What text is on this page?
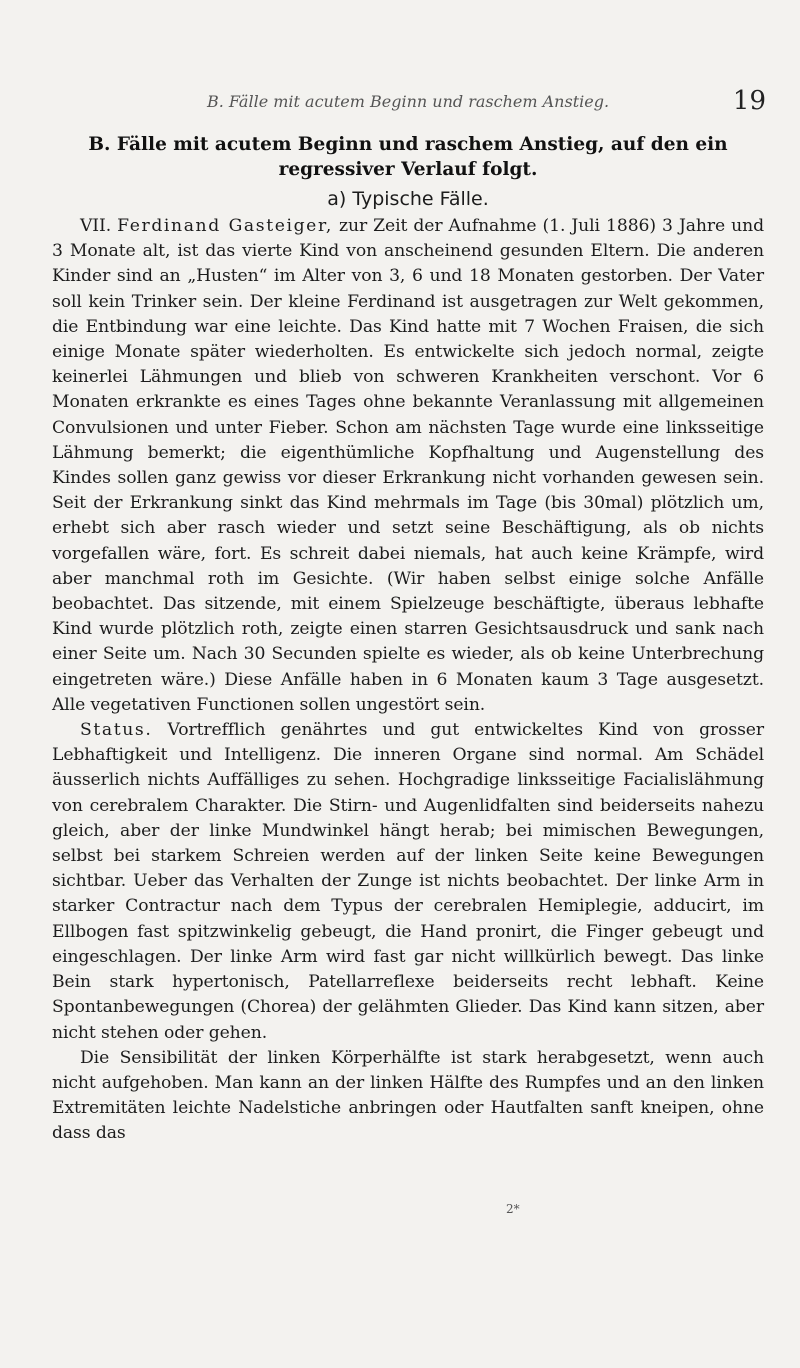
B. Fälle mit acutem Beginn und raschem Anstieg.	19
B. Fälle mit acutem Beginn und raschem Anstieg, auf den ein regressiver Verlauf folgt.
a) Typische Fälle.

VII. Ferdinand Gasteiger, zur Zeit der Aufnahme (1. Juli 1886) 3 Jahre und 3 Monate alt, ist das vierte Kind von anscheinend gesunden Eltern. Die anderen Kinder sind an „Husten“ im Alter von 3, 6 und 18 Monaten gestorben. Der Vater soll kein Trinker sein. Der kleine Ferdinand ist ausgetragen zur Welt gekommen, die Entbindung war eine leichte. Das Kind hatte mit 7 Wochen Fraisen, die sich einige Monate später wiederholten. Es entwickelte sich jedoch normal, zeigte keinerlei Lähmungen und blieb von schweren Krankheiten verschont. Vor 6 Monaten erkrankte es eines Tages ohne bekannte Veranlassung mit allgemeinen Convulsionen und unter Fieber. Schon am nächsten Tage wurde eine linksseitige Lähmung bemerkt; die eigenthümliche Kopfhaltung und Augenstellung des Kindes sollen ganz gewiss vor dieser Erkrankung nicht vorhanden gewesen sein. Seit der Erkrankung sinkt das Kind mehrmals im Tage (bis 30mal) plötzlich um, erhebt sich aber rasch wieder und setzt seine Beschäftigung, als ob nichts vorgefallen wäre, fort. Es schreit dabei niemals, hat auch keine Krämpfe, wird aber manchmal roth im Gesichte. (Wir haben selbst einige solche Anfälle beobachtet. Das sitzende, mit einem Spielzeuge beschäftigte, überaus lebhafte Kind wurde plötzlich roth, zeigte einen starren Gesichtsausdruck und sank nach einer Seite um. Nach 30 Secunden spielte es wieder, als ob keine Unterbrechung eingetreten wäre.) Diese Anfälle haben in 6 Monaten kaum 3 Tage ausgesetzt. Alle vegetativen Functionen sollen ungestört sein.

Status. Vortrefflich genährtes und gut entwickeltes Kind von grosser Lebhaftigkeit und Intelligenz. Die inneren Organe sind normal. Am Schädel äusserlich nichts Auffälliges zu sehen. Hochgradige linksseitige Facialislähmung von cerebralem Charakter. Die Stirn- und Augenlidfalten sind beiderseits nahezu gleich, aber der linke Mundwinkel hängt herab; bei mimischen Bewegungen, selbst bei starkem Schreien werden auf der linken Seite keine Bewegungen sichtbar. Ueber das Verhalten der Zunge ist nichts beobachtet. Der linke Arm in starker Contractur nach dem Typus der cerebralen Hemiplegie, adducirt, im Ellbogen fast spitzwinkelig gebeugt, die Hand pronirt, die Finger gebeugt und eingeschlagen. Der linke Arm wird fast gar nicht willkürlich bewegt. Das linke Bein stark hypertonisch, Patellarreflexe beiderseits recht lebhaft. Keine Spontanbewegungen (Chorea) der gelähmten Glieder. Das Kind kann sitzen, aber nicht stehen oder gehen.

Die Sensibilität der linken Körperhälfte ist stark herabgesetzt, wenn auch nicht aufgehoben. Man kann an der linken Hälfte des Rumpfes und an den linken Extremitäten leichte Nadelstiche anbringen oder Hautfalten sanft kneipen, ohne dass das

2*
